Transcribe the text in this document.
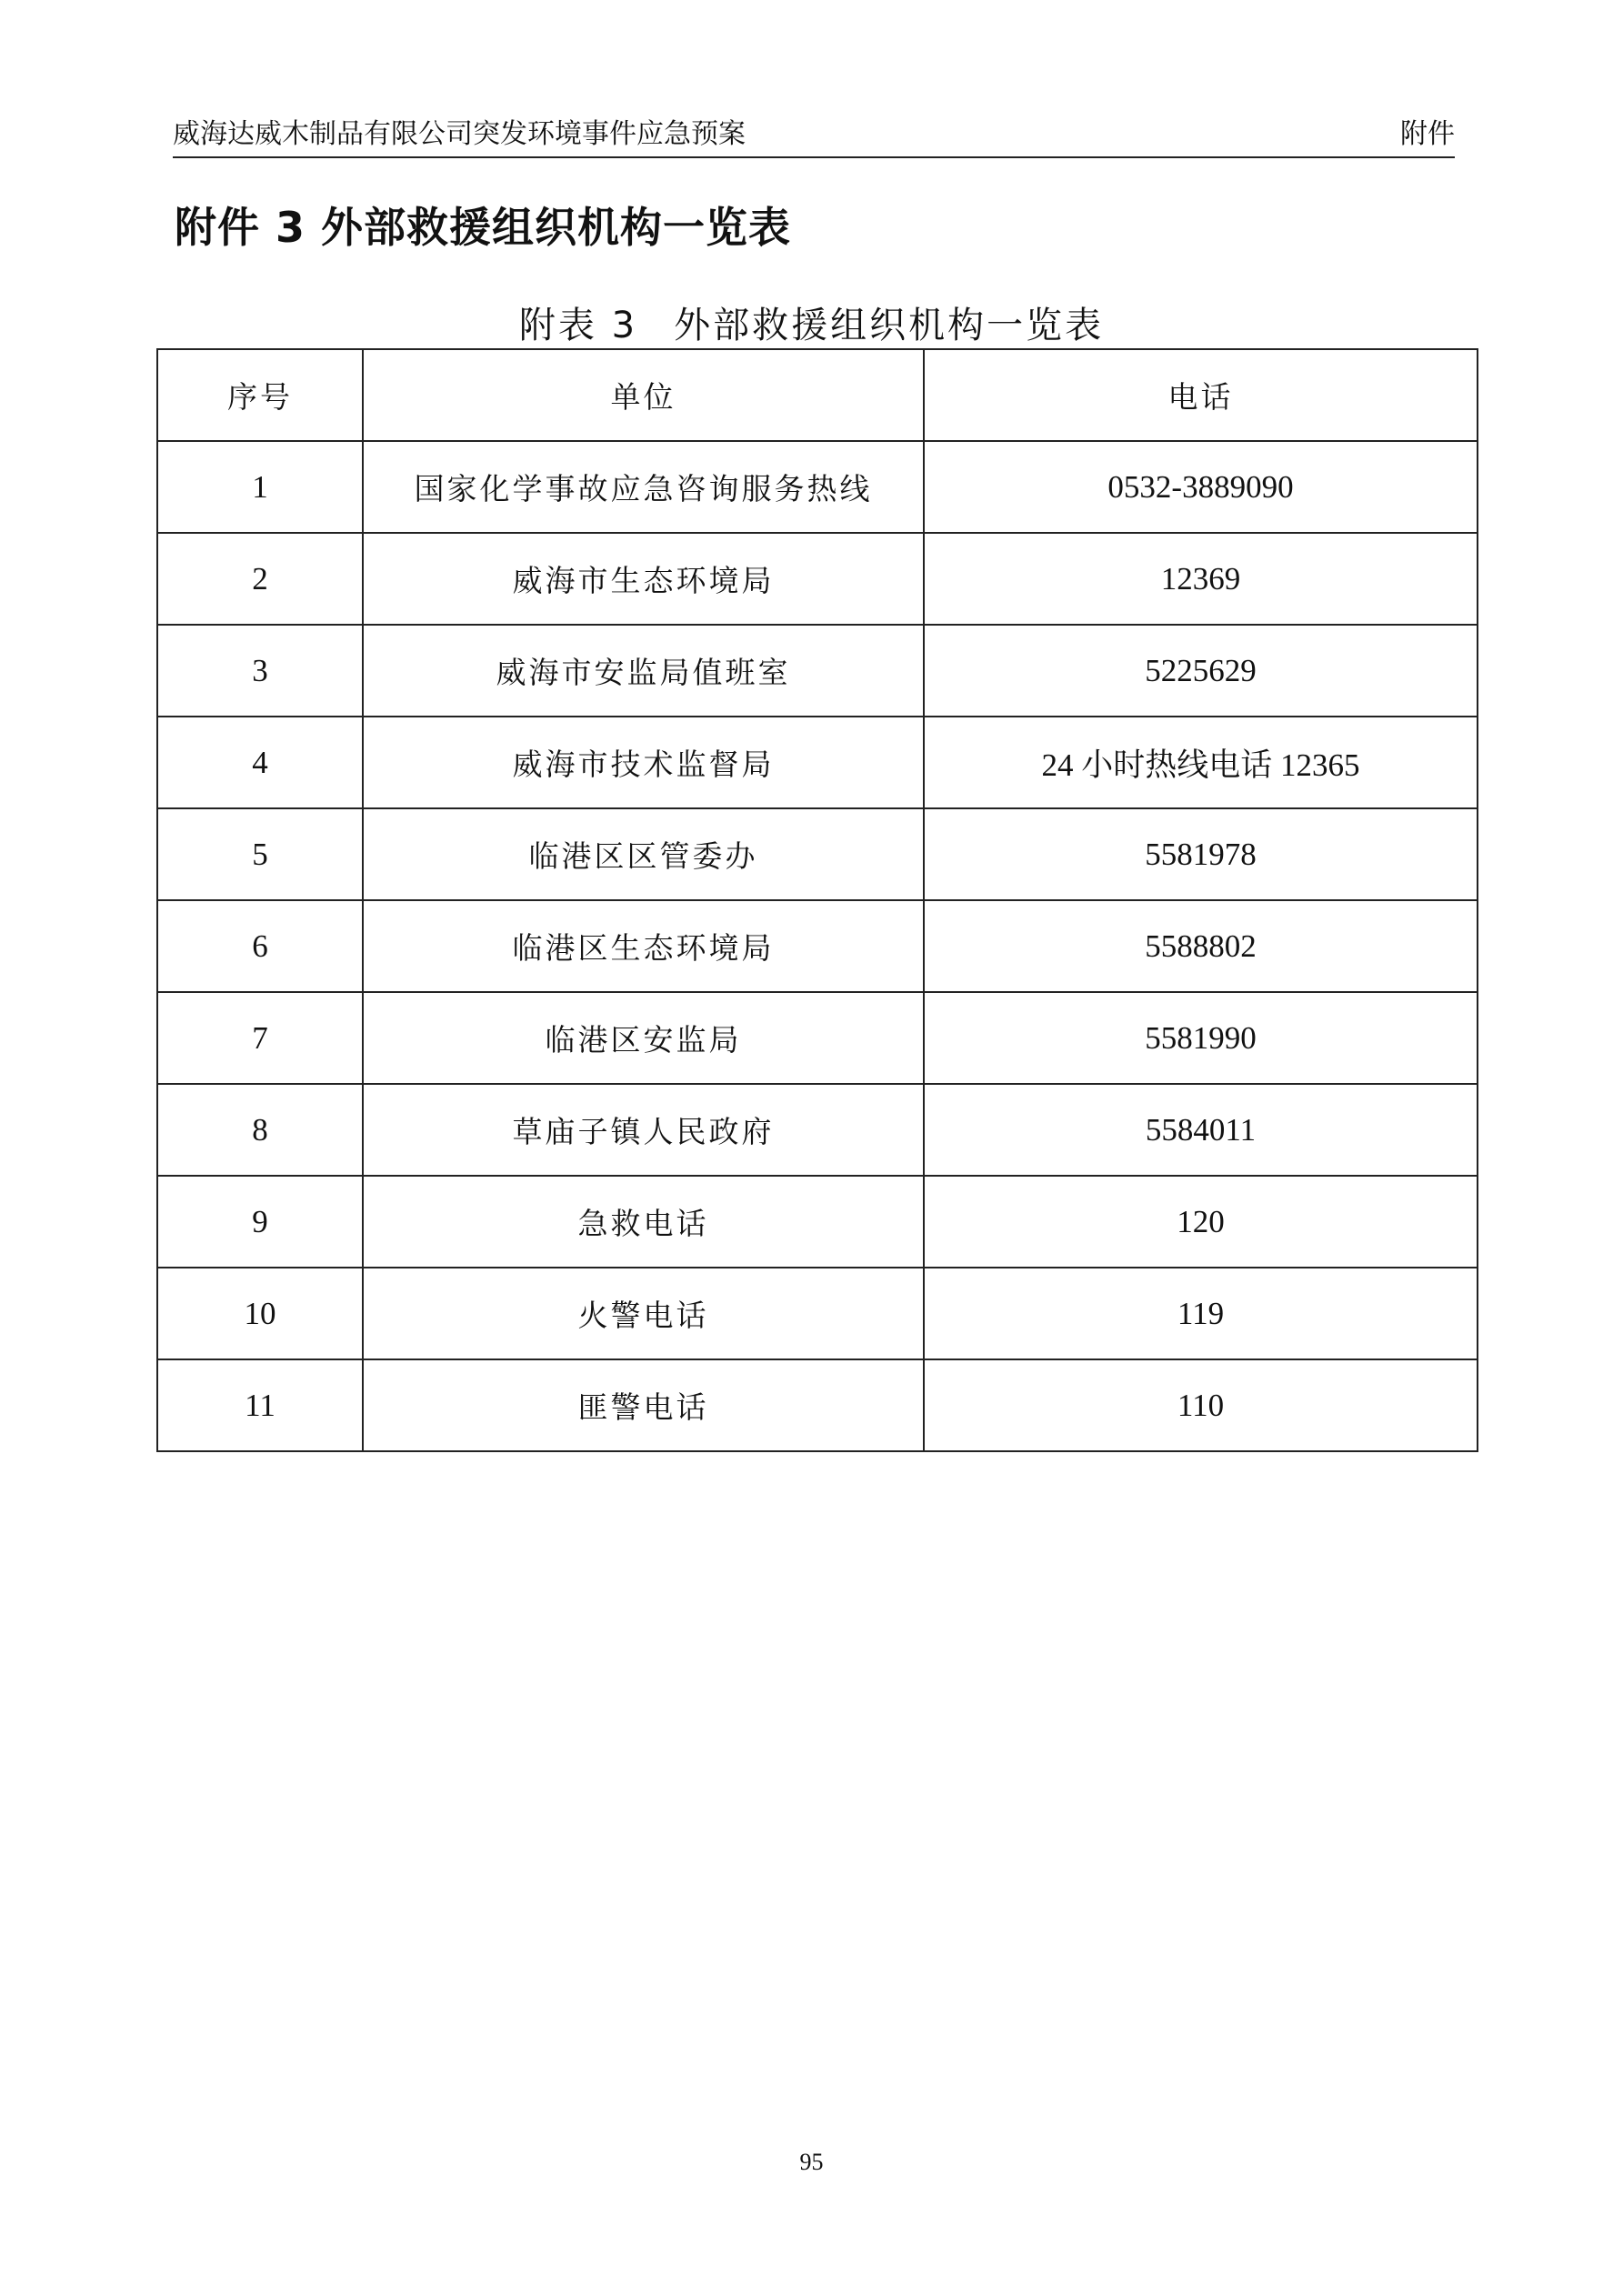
威海达威木制品有限公司突发环境事件应急预案	附件
附件 3 外部救援组织机构一览表
附表 3 外部救援组织机构一览表
序号	单位	电话
1	国家化学事故应急咨询服务热线	0532-3889090
2	威海市生态环境局	12369
3	威海市安监局值班室	5225629
4	威海市技术监督局	24 小时热线电话 12365
5	临港区区管委办	5581978
6	临港区生态环境局	5588802
7	临港区安监局	5581990
8	草庙子镇人民政府	5584011
9	急救电话	120
10	火警电话	119
11	匪警电话	110
95
